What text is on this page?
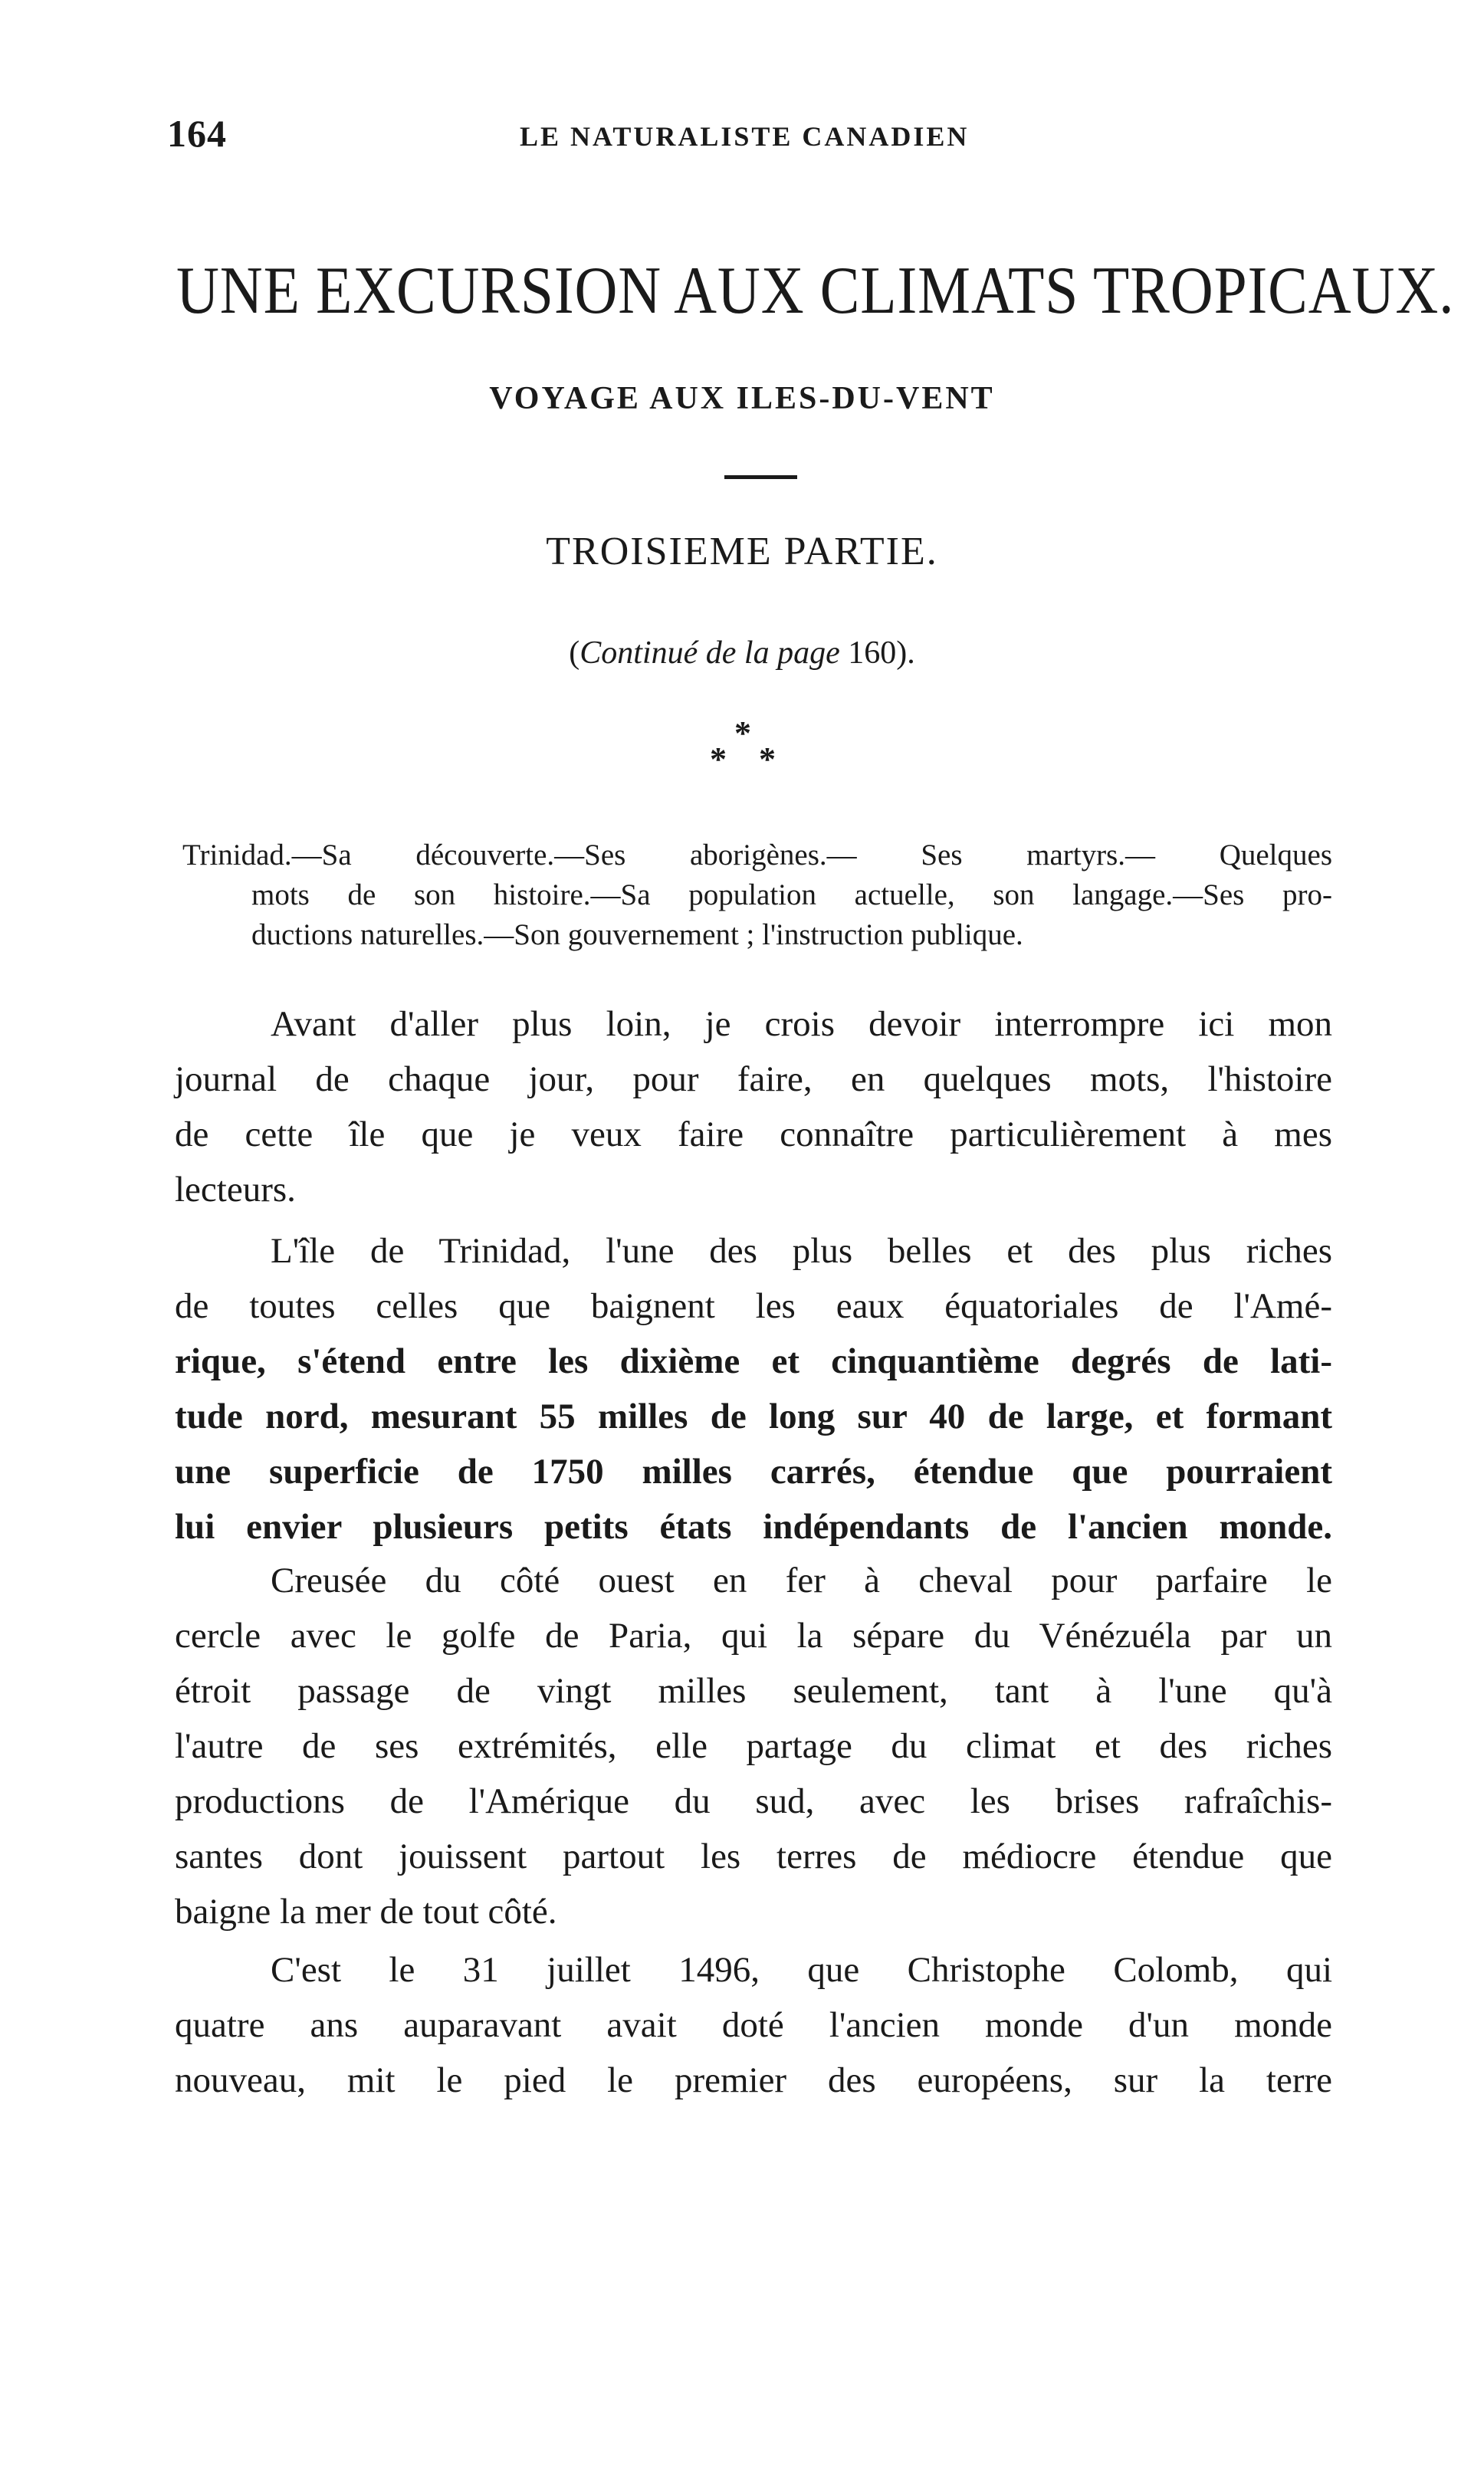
164	LE NATURALISTE CANADIEN
UNE EXCURSION AUX CLIMATS TROPICAUX.
VOYAGE AUX ILES-DU-VENT
TROISIEME PARTIE.
(Continué de la page 160).
*
* *
Trinidad.—Sa découverte.—Ses aborigènes.— Ses martyrs.— Quelques
mots de son histoire.—Sa population actuelle, son langage.—Ses pro-
ductions naturelles.—Son gouvernement ; l'instruction publique.
Avant d'aller plus loin, je crois devoir interrompre ici mon
journal de chaque jour, pour faire, en quelques mots, l'histoire
de cette île que je veux faire connaître particulièrement à mes
lecteurs.
L'île de Trinidad, l'une des plus belles et des plus riches
de toutes celles que baignent les eaux équatoriales de l'Amé-
rique, s'étend entre les dixième et cinquantième degrés de lati-
tude nord, mesurant 55 milles de long sur 40 de large, et formant
une superficie de 1750 milles carrés, étendue que pourraient
lui envier plusieurs petits états indépendants de l'ancien monde.
Creusée du côté ouest en fer à cheval pour parfaire le
cercle avec le golfe de Paria, qui la sépare du Vénézuéla par un
étroit passage de vingt milles seulement, tant à l'une qu'à
l'autre de ses extrémités, elle partage du climat et des riches
productions de l'Amérique du sud, avec les brises rafraîchis-
santes dont jouissent partout les terres de médiocre étendue que
baigne la mer de tout côté.
C'est le 31 juillet 1496, que Christophe Colomb, qui
quatre ans auparavant avait doté l'ancien monde d'un monde
nouveau, mit le pied le premier des européens, sur la terre
